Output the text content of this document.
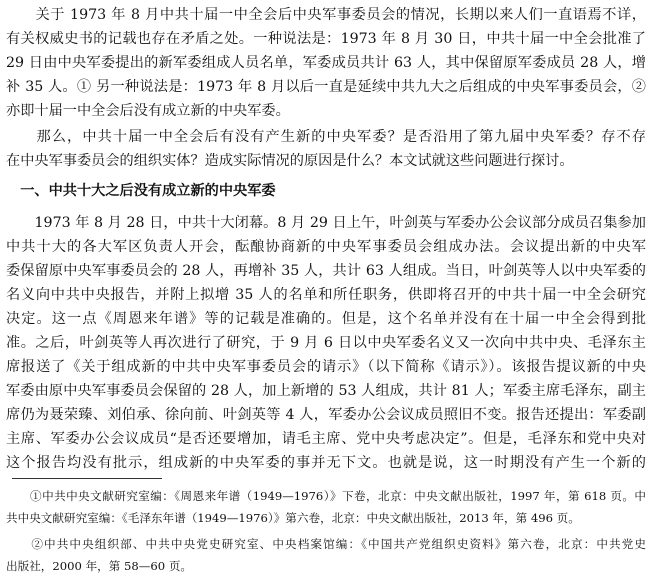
　　关于 1973 年 8 月中共十届一中全会后中央军事委员会的情况，长期以来人们一直语焉不详，
有关权威史书的记载也存在矛盾之处。一种说法是：1973 年 8 月 30 日，中共十届一中全会批准了
29 日由中央军委提出的新军委组成人员名单，军委成员共计 63 人，其中保留原军委成员 28 人，增
补 35 人。① 另一种说法是：1973 年 8 月以后一直是延续中共九大之后组成的中央军事委员会，②
亦即十届一中全会后没有成立新的中央军委。
　　那么，中共十届一中全会后有没有产生新的中央军委？是否沿用了第九届中央军委？存不存
在中央军事委员会的组织实体？造成实际情况的原因是什么？本文试就这些问题进行探讨。
　一、中共十大之后没有成立新的中央军委
　　1973 年 8 月 28 日，中共十大闭幕。8 月 29 日上午，叶剑英与军委办公会议部分成员召集参加
中共十大的各大军区负责人开会，酝酿协商新的中央军事委员会组成办法。会议提出新的中央军
委保留原中央军事委员会的 28 人，再增补 35 人，共计 63 人组成。当日，叶剑英等人以中央军委的
名义向中共中央报告，并附上拟增 35 人的名单和所任职务，供即将召开的中共十届一中全会研究
决定。这一点《周恩来年谱》等的记载是准确的。但是，这个名单并没有在十届一中全会得到批
准。之后，叶剑英等人再次进行了研究，于 9 月 6 日以中央军委名义又一次向中共中央、毛泽东主
席报送了《关于组成新的中共中央军事委员会的请示》（以下简称《请示》）。该报告提议新的中央
军委由原中央军事委员会保留的 28 人，加上新增的 53 人组成，共计 81 人；军委主席毛泽东，副主
席仍为聂荣臻、刘伯承、徐向前、叶剑英等 4 人，军委办公会议成员照旧不变。报告还提出：军委副
主席、军委办公会议成员“是否还要增加，请毛主席、党中央考虑决定”。但是，毛泽东和党中央对
这个报告均没有批示，组成新的中央军委的事并无下文。也就是说，这一时期没有产生一个新的
　　①中共中央文献研究室编：《周恩来年谱（1949—1976）》下卷，北京：中央文献出版社，1997 年，第 618 页。中
共中央文献研究室编：《毛泽东年谱（1949—1976）》第六卷，北京：中央文献出版社，2013 年，第 496 页。
　　②中共中央组织部、中共中央党史研究室、中央档案馆编：《中国共产党组织史资料》第六卷，北京：中共党史
出版社，2000 年，第 58—60 页。
